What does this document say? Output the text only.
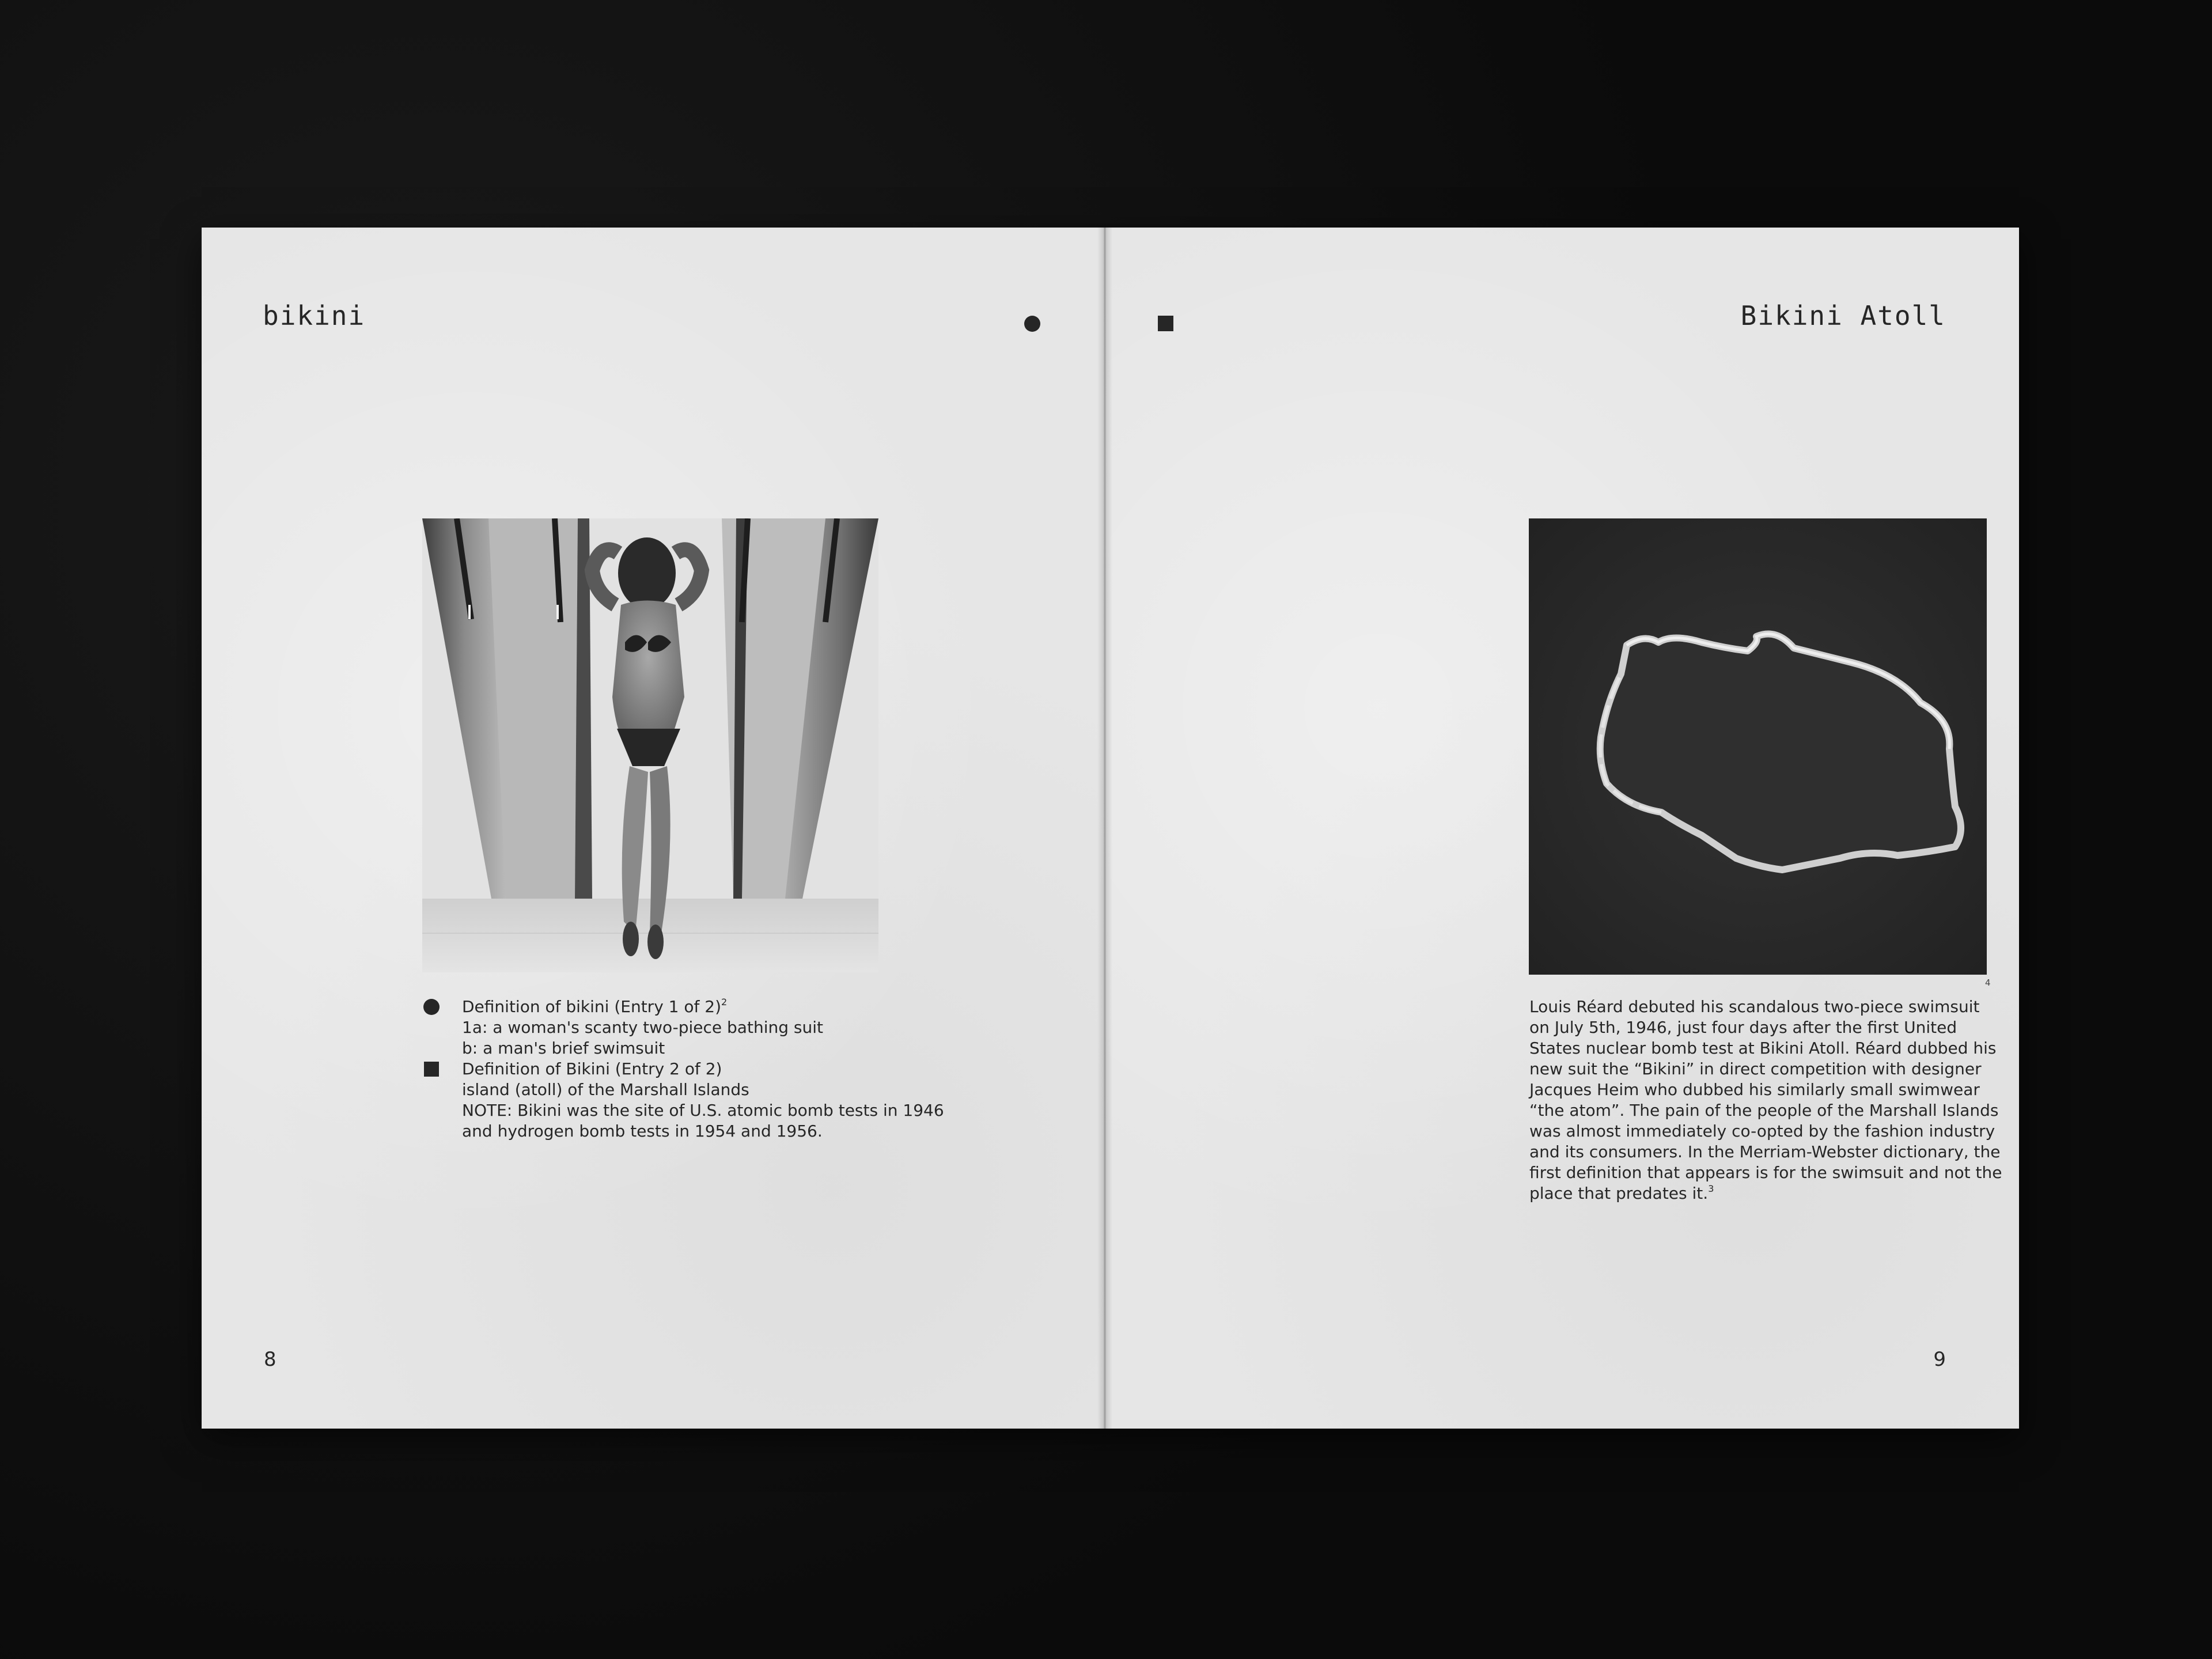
bikini
Definition of bikini (Entry 1 of 2)$^2$
1a: a woman's scanty two-piece bathing suit
b: a man's brief swimsuit
Definition of Bikini (Entry 2 of 2)
island (atoll) of the Marshall Islands
NOTE: Bikini was the site of U.S. atomic bomb tests in 1946
and hydrogen bomb tests in 1954 and 1956.
8
Bikini Atoll
4
Louis Réard debuted his scandalous two-piece swimsuit
on July 5th, 1946, just four days after the first United
States nuclear bomb test at Bikini Atoll. Réard dubbed his
new suit the “Bikini” in direct competition with designer
Jacques Heim who dubbed his similarly small swimwear
“the atom”. The pain of the people of the Marshall Islands
was almost immediately co-opted by the fashion industry
and its consumers. In the Merriam-Webster dictionary, the
first definition that appears is for the swimsuit and not the
place that predates it.$^3$
9
